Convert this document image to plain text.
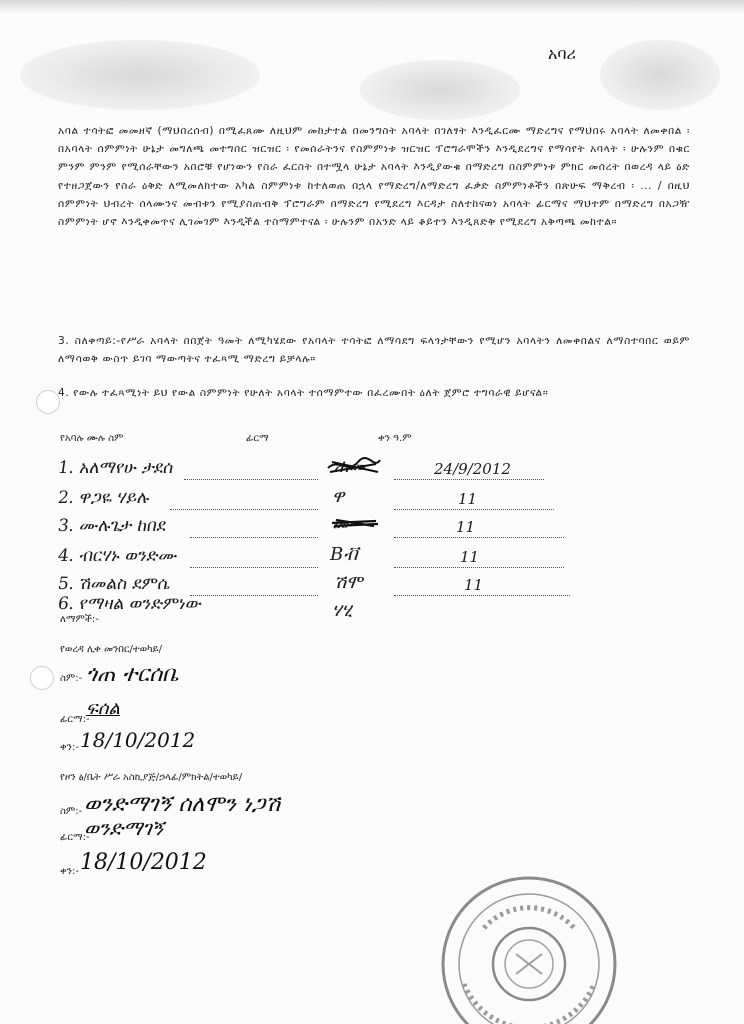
አባሪ
አባል ተሳትፎ መመዘኛ (ማህበረሰብ) በሚፈጸሙ ለዚህም መከታተል በመንግስት አባላት በገለፃት እንዲፈርሙ ማድረግና የማህበሩ አባላት ለመቀበል ፡ በአባላት ሰምምነት ሁኔታ መግለጫ መተግበር ዝርዝር ፡ የመሰራትንና የስምምነቱ ዝርዝር ፕሮግራሞችን እንዲደረግና የማሳየት አባላት ፡ ሁሉንም በቁር ምንም ምንም የሚሰራቸውን አበሮቹ የሆነውን የስራ ፈርስት በተሟላ ሁኔታ አባላት እንዲያውቁ በማድረግ በስምምነቱ ምክር መሰረት በወረዳ ላይ ዕድ የተዘጋጀውን የስራ ዕቅድ ለሚመለከተው አካል ስምምነቱ ከተለወጠ በኋላ የማድረግ/ለማድረግ ፈቃድ ስምምነቶችን በጽሁፍ ማቅረብ ፡ ... / በዚህ ሰምምነት ህብረት ሰላሙንና መብቱን የሚያስጠብቅ ፕሮግራም በማድረግ የሚደረግ እርዳታ ስለተከናወነ አባላት ፊርማና ማህተም በማድረግ በአጋዥ ስምምነት ሆኖ እንዲቀመጥና ሊገመገም እንዲችል ተስማምተናል ፡ ሁሉንም በአንድ ላይ ቆይተን እንዲጸድቅ የሚደረግ አቅጣጫ መከተል።
3. ስለቀጣይ:-የሥራ አባላት በበጀት ዓመት ለሚካሄደው የአባላት ተሳትፎ ለማሳደግ ፍላጎታቸውን የሚሆን አባላትን ለመቀበልና ለማስተባበር ወይም ለማሳወቅ ውስጥ ይገባ ማውጣትና ተፈጻሚ ማድረግ ይቻላሉ።
4. የውሉ ተፈጻሚነት ይህ የውል ስምምነት የሁለት አባላት ተሰማምተው በፈረሙበት ዕለት ጀምሮ ተግባራዊ ይሆናል።
የአባሉ ሙሉ ስም	ፊርማ	ቀን ዓ.ም
1. አለማየሁ ታደሰ	ሐመ	24/9/2012
2. ዋጋዬ ሃይሉ	ዋ	11
3. ሙሉጌታ ከበደ	ሙ	11
4. ብርሃኑ ወንድሙ	Bቭ	11
5. ሽመልስ ደምሴ	ሽሞ	11
6. የማዛል ወንድምነው	ሃሂ
ለማምች:-
የወረዳ ሊቀ መንበር/ተወካይ/
ስም:- ጎጠ ተርሰቤ
ፊርማ:-
ፍሰል
ቀን:- 18/10/2012
የዞን ፅ/ቤት ሥራ አስኪያጅ/ኃላፊ/ምክትል/ተወካይ/
ስም:- ወንድማገኝ ሰለሞን ነጋሽ
ፊርማ:-
ወንድማገኝ
ቀን:- 18/10/2012
